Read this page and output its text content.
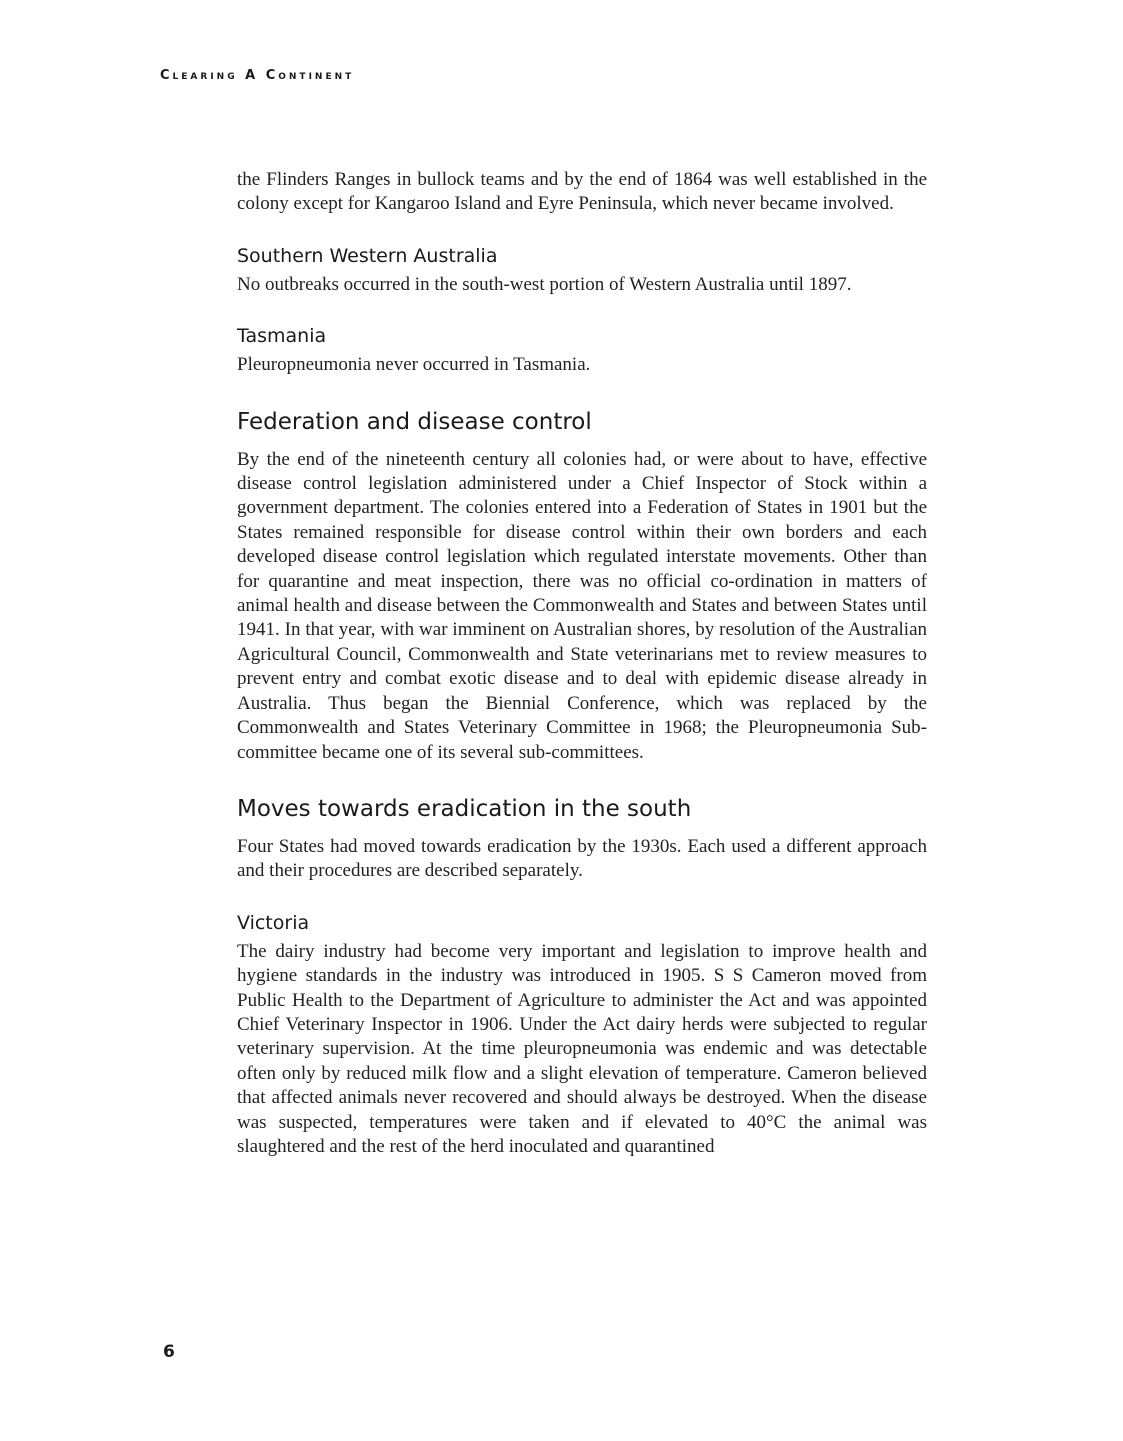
Clearing A Continent

the Flinders Ranges in bullock teams and by the end of 1864 was well established in the colony except for Kangaroo Island and Eyre Peninsula, which never became involved.

Southern Western Australia

No outbreaks occurred in the south-west portion of Western Australia until 1897.

Tasmania

Pleuropneumonia never occurred in Tasmania.

Federation and disease control

By the end of the nineteenth century all colonies had, or were about to have, effective disease control legislation administered under a Chief Inspector of Stock within a government department. The colonies entered into a Federation of States in 1901 but the States remained responsible for disease control within their own borders and each developed disease control legislation which regulated interstate movements. Other than for quarantine and meat inspection, there was no official co-ordination in matters of animal health and disease between the Commonwealth and States and between States until 1941. In that year, with war imminent on Australian shores, by resolution of the Australian Agricultural Council, Commonwealth and State veterinarians met to review measures to prevent entry and combat exotic disease and to deal with epidemic disease already in Australia. Thus began the Biennial Conference, which was replaced by the Commonwealth and States Veterinary Committee in 1968; the Pleuropneumonia Sub-committee became one of its several sub-committees.

Moves towards eradication in the south

Four States had moved towards eradication by the 1930s. Each used a different approach and their procedures are described separately.

Victoria

The dairy industry had become very important and legislation to improve health and hygiene standards in the industry was introduced in 1905. S S Cameron moved from Public Health to the Department of Agriculture to administer the Act and was appointed Chief Veterinary Inspector in 1906. Under the Act dairy herds were subjected to regular veterinary supervision. At the time pleuropneumonia was endemic and was detectable often only by reduced milk flow and a slight elevation of temperature. Cameron believed that affected animals never recovered and should always be destroyed. When the disease was suspected, temperatures were taken and if elevated to 40°C the animal was slaughtered and the rest of the herd inoculated and quarantined

6
